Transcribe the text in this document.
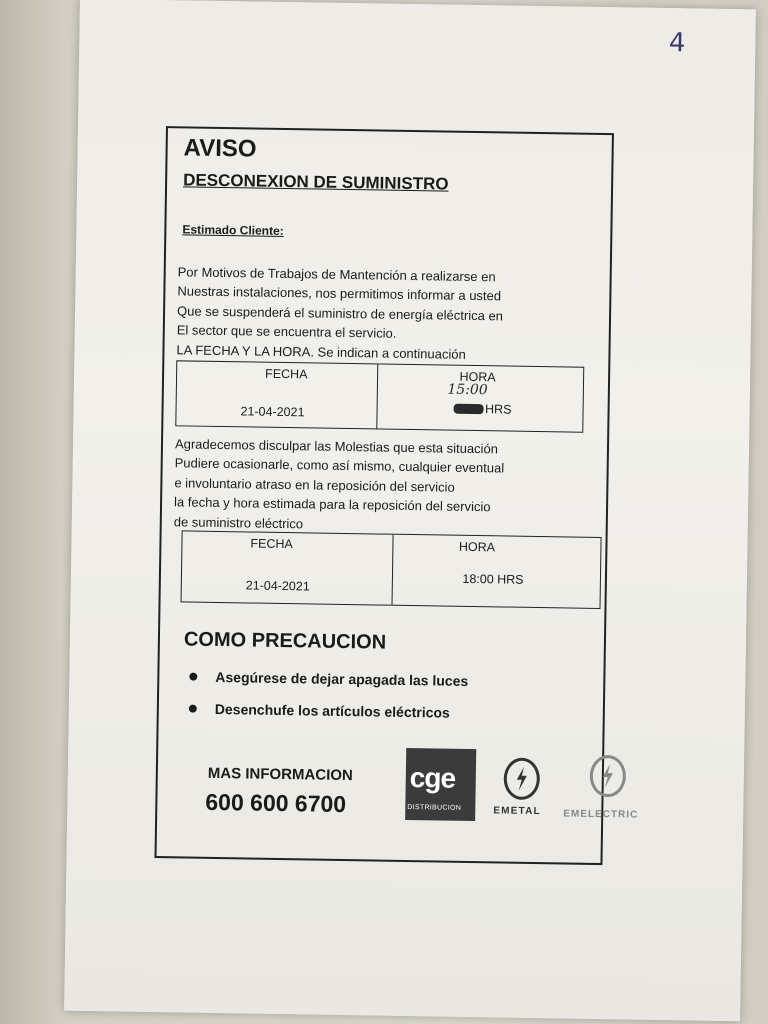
4
AVISO
DESCONEXION DE SUMINISTRO
Estimado Cliente:
Por Motivos de Trabajos de Mantención a realizarse en
Nuestras instalaciones, nos permitimos informar a usted
Que se suspenderá el suministro de energía eléctrica en
El sector que se encuentra el servicio.
LA FECHA Y LA HORA. Se indican a continuación
FECHA
21-04-2021
HORA
15:00
HRS
Agradecemos disculpar las Molestias que esta situación
Pudiere ocasionarle, como así mismo, cualquier eventual
e involuntario atraso en la reposición del servicio
la fecha y hora estimada para la reposición del servicio
de suministro eléctrico
FECHA
21-04-2021
HORA
18:00 HRS
COMO PRECAUCION
Asegúrese de dejar apagada las luces
Desenchufe los artículos eléctricos
MAS INFORMACION
600 600 6700
cge
DISTRIBUCION	EMETAL EMELECTRIC
